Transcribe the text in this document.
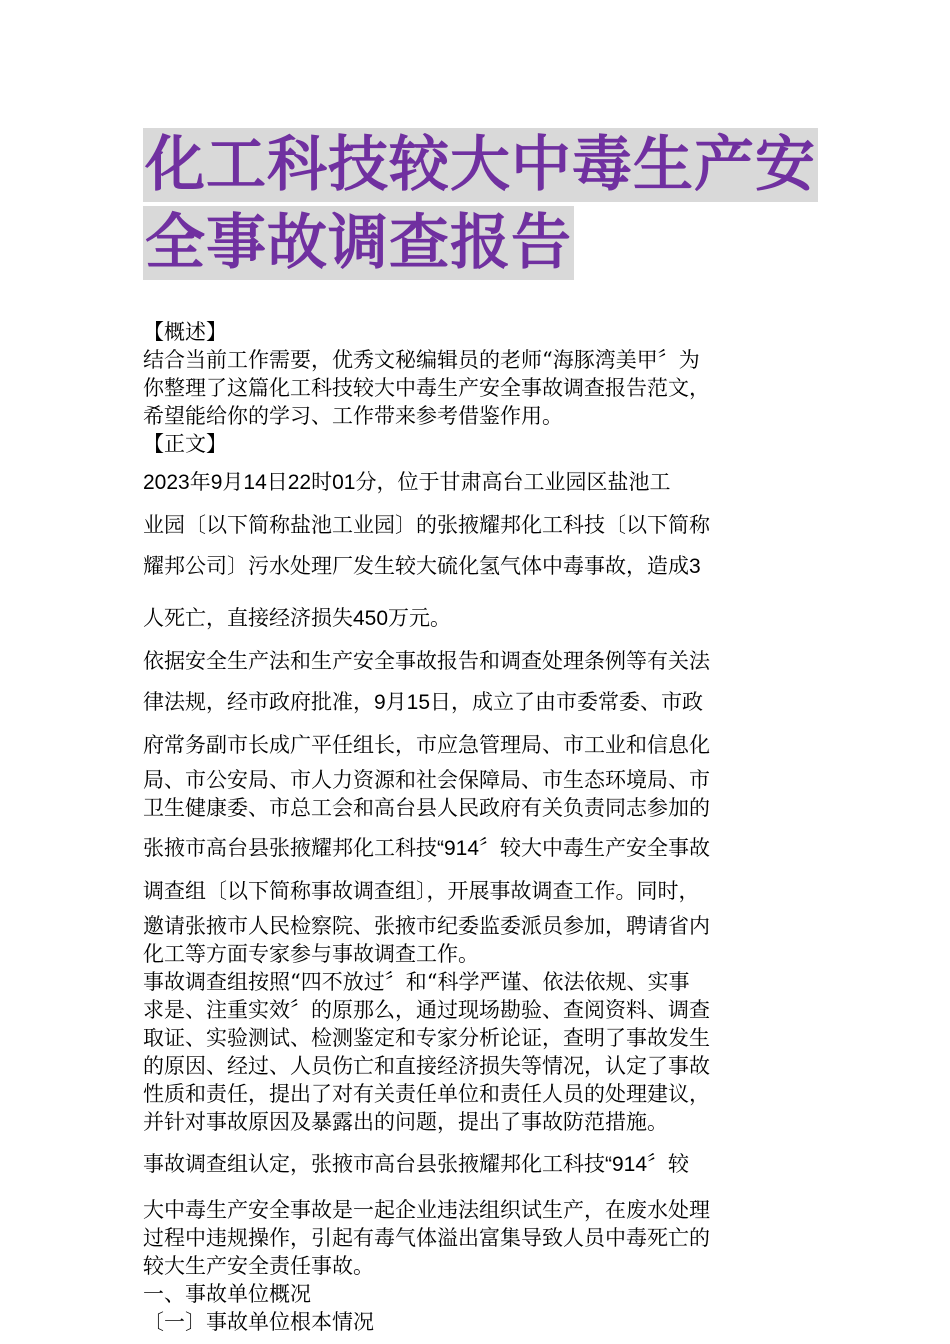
化工科技较大中毒生产安
全事故调查报告

【概述】

结合当前工作需要，优秀文秘编辑员的老师“海豚湾美甲〞为

你整理了这篇化工科技较大中毒生产安全事故调查报告范文，

希望能给你的学习、工作带来参考借鉴作用。

【正文】

2023年9月14日22时01分，位于甘肃高台工业园区盐池工

业园〔以下简称盐池工业园〕的张掖耀邦化工科技〔以下简称

耀邦公司〕污水处理厂发生较大硫化氢气体中毒事故，造成3

人死亡，直接经济损失450万元。

依据安全生产法和生产安全事故报告和调查处理条例等有关法

律法规，经市政府批准，9月15日，成立了由市委常委、市政

府常务副市长成广平任组长，市应急管理局、市工业和信息化

局、市公安局、市人力资源和社会保障局、市生态环境局、市

卫生健康委、市总工会和高台县人民政府有关负责同志参加的

张掖市高台县张掖耀邦化工科技“914〞较大中毒生产安全事故

调查组〔以下简称事故调查组〕，开展事故调查工作。同时，

邀请张掖市人民检察院、张掖市纪委监委派员参加，聘请省内

化工等方面专家参与事故调查工作。

事故调查组按照“四不放过〞和“科学严谨、依法依规、实事

求是、注重实效〞的原那么，通过现场勘验、查阅资料、调查

取证、实验测试、检测鉴定和专家分析论证，查明了事故发生

的原因、经过、人员伤亡和直接经济损失等情况，认定了事故

性质和责任，提出了对有关责任单位和责任人员的处理建议，

并针对事故原因及暴露出的问题，提出了事故防范措施。

事故调查组认定，张掖市高台县张掖耀邦化工科技“914〞较

大中毒生产安全事故是一起企业违法组织试生产，在废水处理

过程中违规操作，引起有毒气体溢出富集导致人员中毒死亡的

较大生产安全责任事故。

一、事故单位概况

〔一〕事故单位根本情况
